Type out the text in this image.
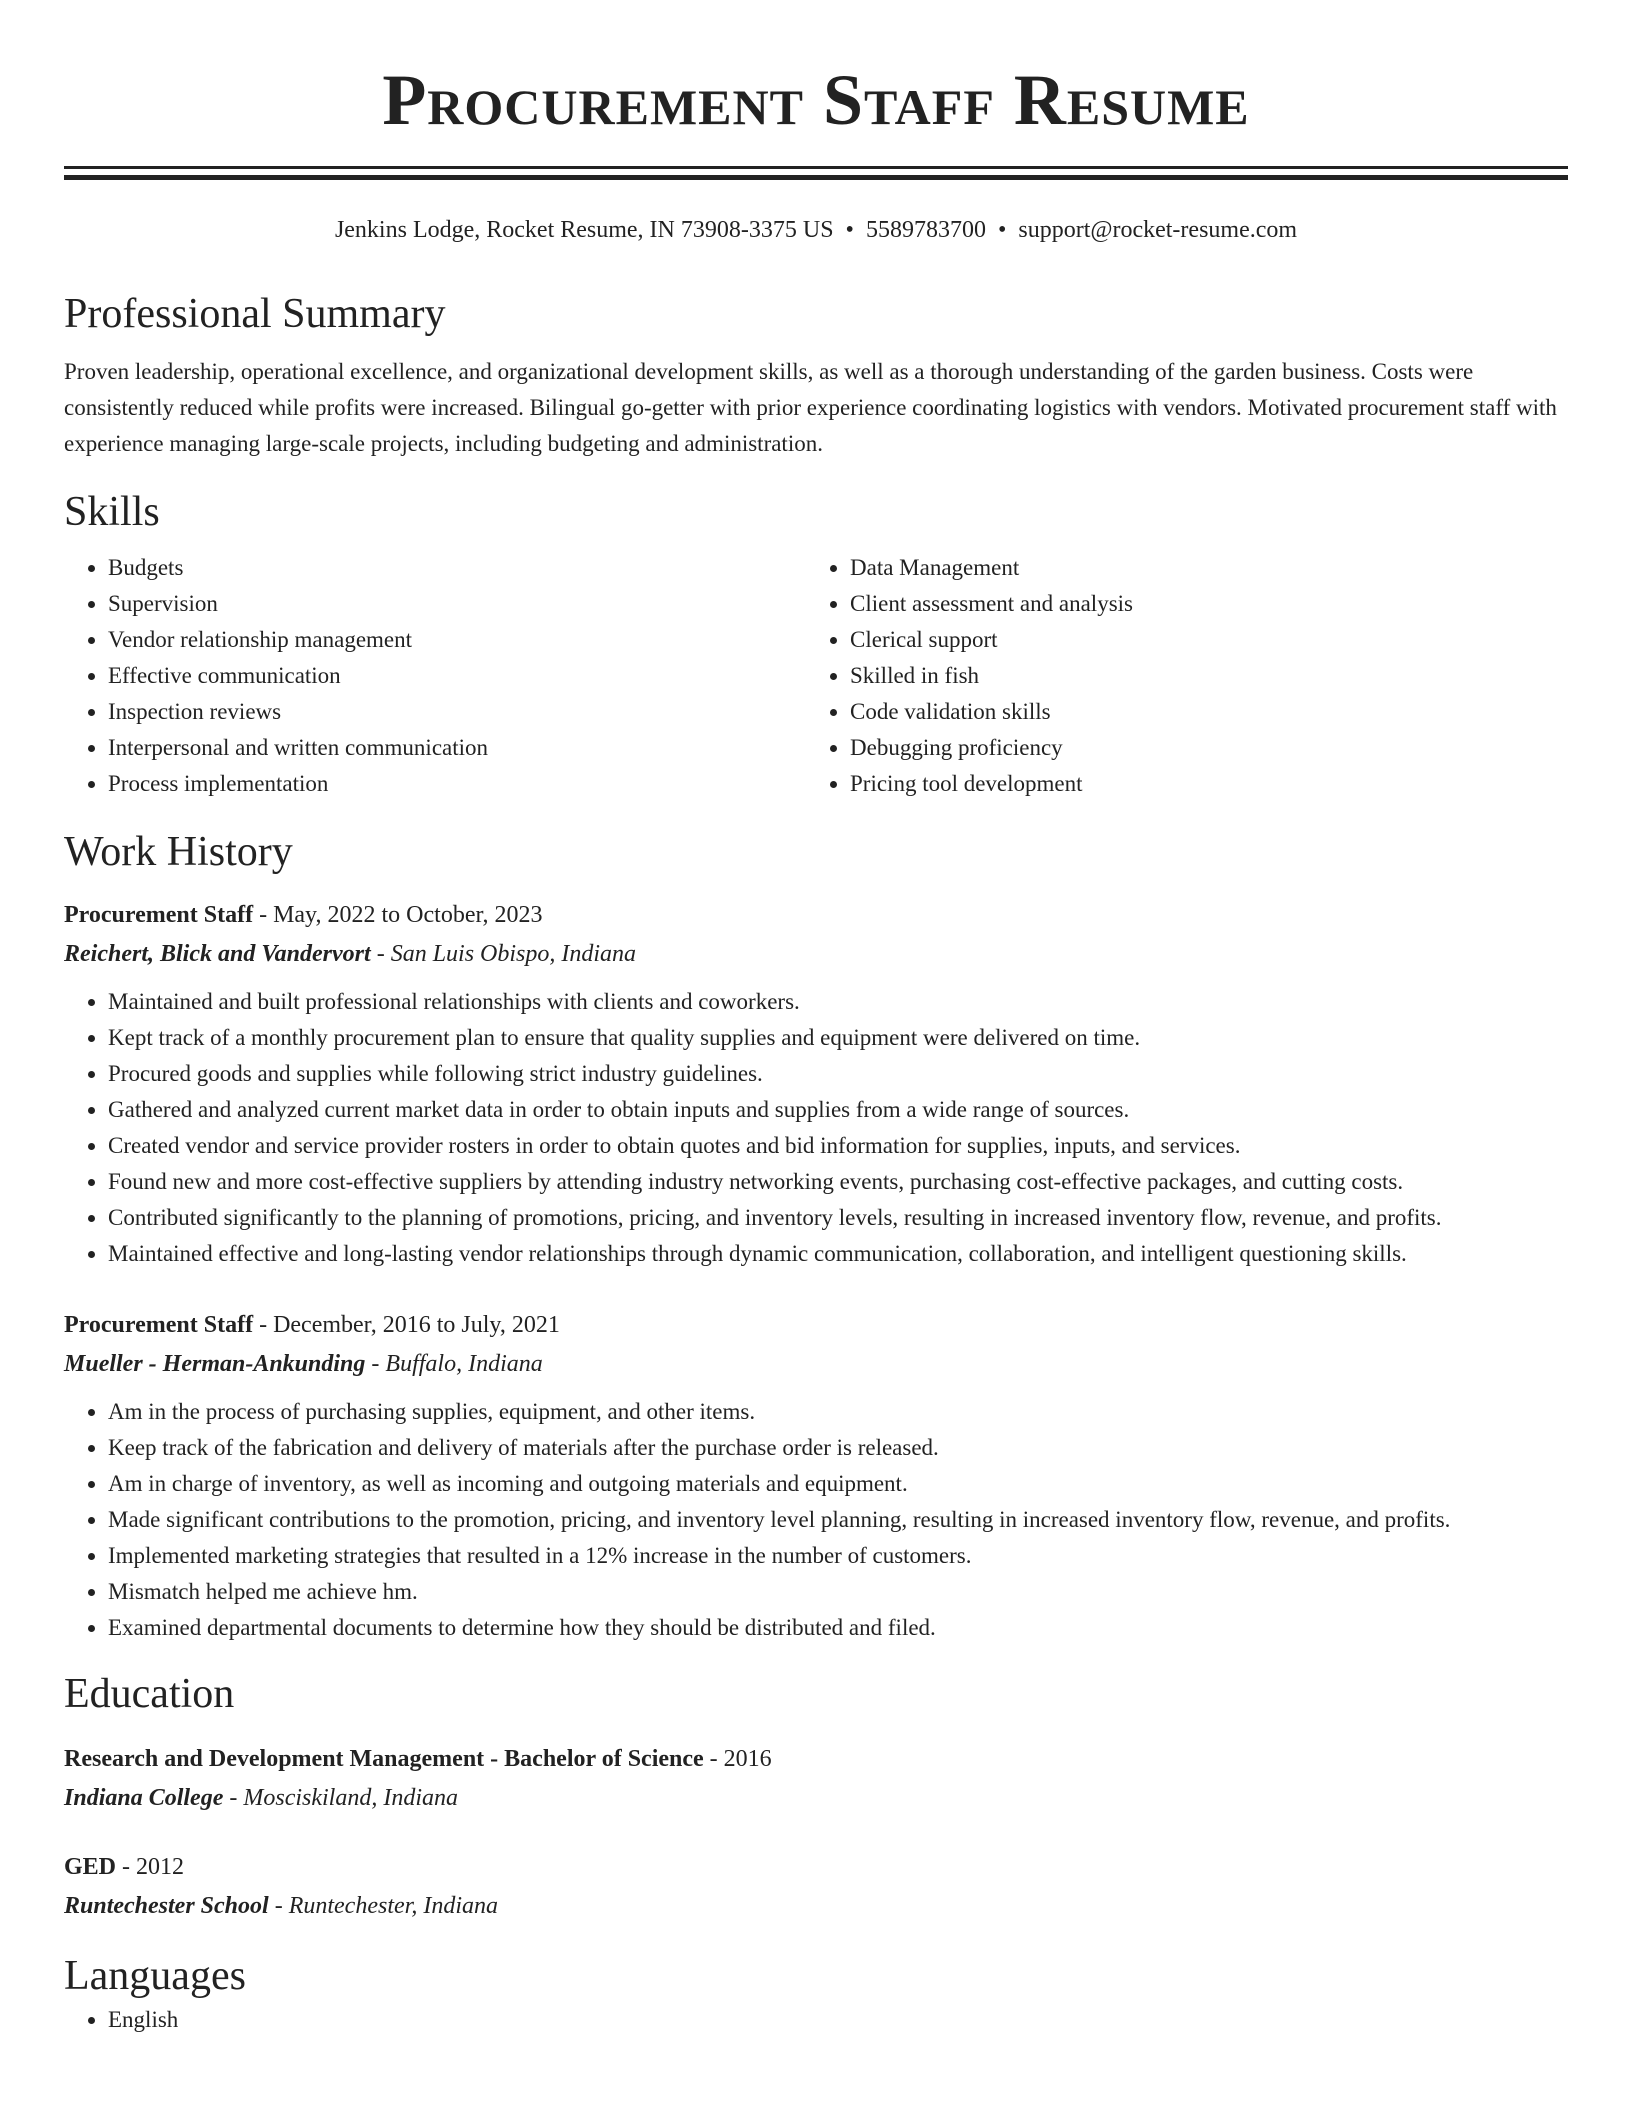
Procurement Staff Resume
Jenkins Lodge, Rocket Resume, IN 73908-3375 US • 5589783700 • support@rocket-resume.com
Professional Summary
Proven leadership, operational excellence, and organizational development skills, as well as a thorough understanding of the garden business. Costs were consistently reduced while profits were increased. Bilingual go-getter with prior experience coordinating logistics with vendors. Motivated procurement staff with experience managing large-scale projects, including budgeting and administration.
Skills
• Budgets
• Supervision
• Vendor relationship management
• Effective communication
• Inspection reviews
• Interpersonal and written communication
• Process implementation
• Data Management
• Client assessment and analysis
• Clerical support
• Skilled in fish
• Code validation skills
• Debugging proficiency
• Pricing tool development
Work History
Procurement Staff - May, 2022 to October, 2023
Reichert, Blick and Vandervort - San Luis Obispo, Indiana
• Maintained and built professional relationships with clients and coworkers.
• Kept track of a monthly procurement plan to ensure that quality supplies and equipment were delivered on time.
• Procured goods and supplies while following strict industry guidelines.
• Gathered and analyzed current market data in order to obtain inputs and supplies from a wide range of sources.
• Created vendor and service provider rosters in order to obtain quotes and bid information for supplies, inputs, and services.
• Found new and more cost-effective suppliers by attending industry networking events, purchasing cost-effective packages, and cutting costs.
• Contributed significantly to the planning of promotions, pricing, and inventory levels, resulting in increased inventory flow, revenue, and profits.
• Maintained effective and long-lasting vendor relationships through dynamic communication, collaboration, and intelligent questioning skills.
Procurement Staff - December, 2016 to July, 2021
Mueller - Herman-Ankunding - Buffalo, Indiana
• Am in the process of purchasing supplies, equipment, and other items.
• Keep track of the fabrication and delivery of materials after the purchase order is released.
• Am in charge of inventory, as well as incoming and outgoing materials and equipment.
• Made significant contributions to the promotion, pricing, and inventory level planning, resulting in increased inventory flow, revenue, and profits.
• Implemented marketing strategies that resulted in a 12% increase in the number of customers.
• Mismatch helped me achieve hm.
• Examined departmental documents to determine how they should be distributed and filed.
Education
Research and Development Management - Bachelor of Science - 2016
Indiana College - Mosciskiland, Indiana
GED - 2012
Runtechester School - Runtechester, Indiana
Languages
• English
